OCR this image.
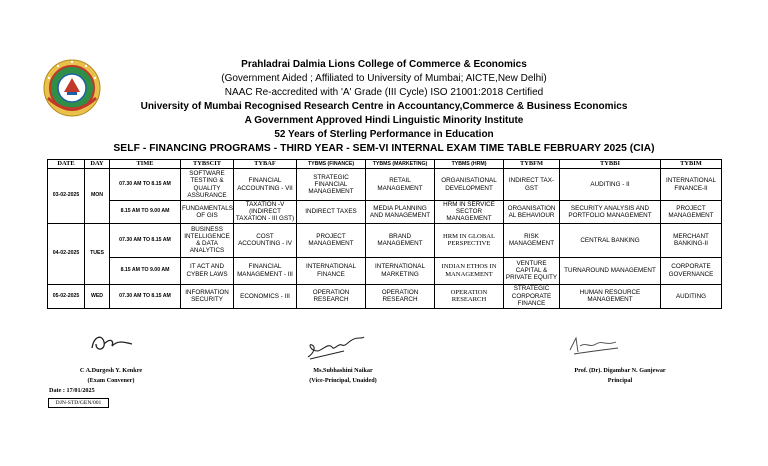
Prahladrai Dalmia Lions College of Commerce & Economics
(Government Aided ; Affiliated to University of Mumbai; AICTE,New Delhi)
NAAC Re-accredited with 'A' Grade (III Cycle) ISO 21001:2018 Certified
University of Mumbai Recognised Research Centre in Accountancy,Commerce & Business Economics
A Government Approved Hindi Linguistic Minority Institute
52 Years of Sterling Performance in Education
SELF - FINANCING PROGRAMS - THIRD YEAR - SEM-VI INTERNAL EXAM TIME TABLE FEBRUARY 2025 (CIA)
DATE	DAY	TIME	TYBSCIT	TYBAF	TYBMS (FINANCE)	TYBMS (MARKETING)	TYBMS (HRM)	TYBFM	TYBBI	TYBIM
03-02-2025	MON	07.30 AM TO 8.15 AM	SOFTWARE TESTING & QUALITY ASSURANCE	FINANCIAL ACCOUNTING - VII	STRATEGIC FINANCIAL MANAGEMENT	RETAIL MANAGEMENT	ORGANISATIONAL DEVELOPMENT	INDIRECT TAX-GST	AUDITING - II	INTERNATIONAL FINANCE-II
		8.15 AM TO 9.00 AM	FUNDAMENTALS OF GIS	TAXATION -V (INDIRECT TAXATION - III GST)	INDIRECT TAXES	MEDIA PLANNING AND MANAGEMENT	HRM IN SERVICE SECTOR MANAGEMENT	ORGANISATION AL BEHAVIOUR	SECURITY ANALYSIS AND PORTFOLIO MANAGEMENT	PROJECT MANAGEMENT
04-02-2025	TUES	07.30 AM TO 8.15 AM	BUSINESS INTELLIGENCE & DATA ANALYTICS	COST ACCOUNTING - IV	PROJECT MANAGEMENT	BRAND MANAGEMENT	HRM IN GLOBAL PERSPECTIVE	RISK MANAGEMENT	CENTRAL BANKING	MERCHANT BANKING-II
		8.15 AM TO 9.00 AM	IT ACT AND CYBER LAWS	FINANCIAL MANAGEMENT - III	INTERNATIONAL FINANCE	INTERNATIONAL MARKETING	INDIAN ETHOS IN MANAGEMENT	VENTURE CAPITAL & PRIVATE EQUITY	TURNAROUND MANAGEMENT	CORPORATE GOVERNANCE
05-02-2025	WED	07.30 AM TO 8.15 AM	INFORMATION SECURITY	ECONOMICS - III	OPERATION RESEARCH	OPERATION RESEARCH	OPERATION RESEARCH	STRATEGIC CORPORATE FINANCE	HUMAN RESOURCE MANAGEMENT	AUDITING
C A.Durgesh Y. Kenkre
(Exam Convener)
Ms.Subhashini Naikar
(Vice-Principal, Unaided)
Prof. (Dr). Digambar N. Ganjewar
Principal
Date : 17/01/2025
DJN-STD/GEN/001
